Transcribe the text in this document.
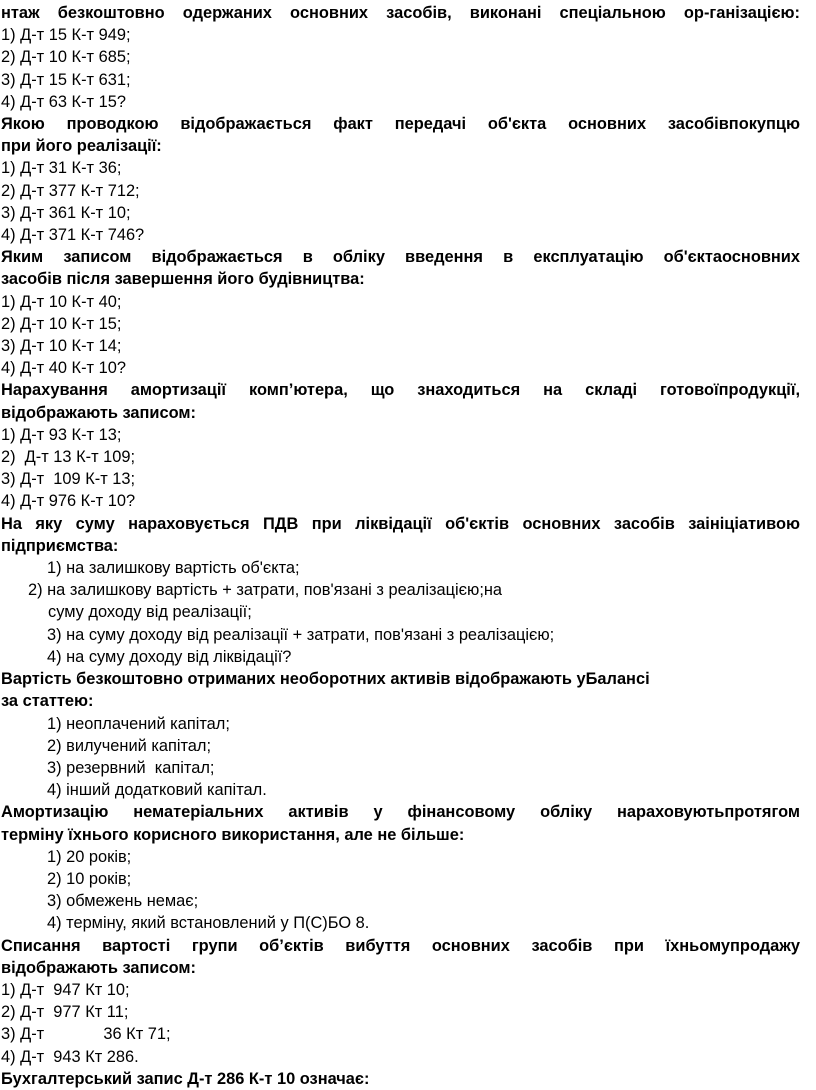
нтаж безкоштовно одержаних основних засобів, виконані спеціальною ор-ганізацією:
1) Д-т 15 К-т 949;
2) Д-т 10 К-т 685;
3) Д-т 15 К-т 631;
4) Д-т 63 К-т 15?
Якою проводкою відображається факт передачі об'єкта основних засобівпокупцю
при його реалізації:
1) Д-т 31 К-т 36;
2) Д-т 377 К-т 712;
3) Д-т 361 К-т 10;
4) Д-т 371 К-т 746?
Яким записом відображається в обліку введення в експлуатацію об'єктаосновних
засобів після завершення його будівництва:
1) Д-т 10 К-т 40;
2) Д-т 10 К-т 15;
3) Д-т 10 К-т 14;
4) Д-т 40 К-т 10?
Нарахування амортизації комп’ютера, що знаходиться на складі готовоїпродукції,
відображають записом:
1) Д-т 93 К-т 13;
2)  Д-т 13 К-т 109;
3) Д-т  109 К-т 13;
4) Д-т 976 К-т 10?
На яку суму нараховується ПДВ при ліквідації об'єктів основних засобів заініціативою
підприємства:
1) на залишкову вартість об'єкта;
2) на залишкову вартість + затрати, пов'язані з реалізацією;на
суму доходу від реалізації;
3) на суму доходу від реалізації + затрати, пов'язані з реалізацією;
4) на суму доходу від ліквідації?
Вартість безкоштовно отриманих необоротних активів відображають уБалансі
за статтею:
1) неоплачений капітал;
2) вилучений капітал;
3) резервний  капітал;
4) інший додатковий капітал.
Амортизацію нематеріальних активів у фінансовому обліку нараховуютьпротягом
терміну їхнього корисного використання, але не більше:
1) 20 років;
2) 10 років;
3) обмежень немає;
4) терміну, який встановлений у П(С)БО 8.
Списання вартості групи об’єктів вибуття основних засобів при їхньомупродажу
відображають записом:
1) Д-т  947 Кт 10;
2) Д-т  977 Кт 11;
3) Д-т             36 Кт 71;
4) Д-т  943 Кт 286.
Бухгалтерський запис Д-т 286 К-т 10 означає:
